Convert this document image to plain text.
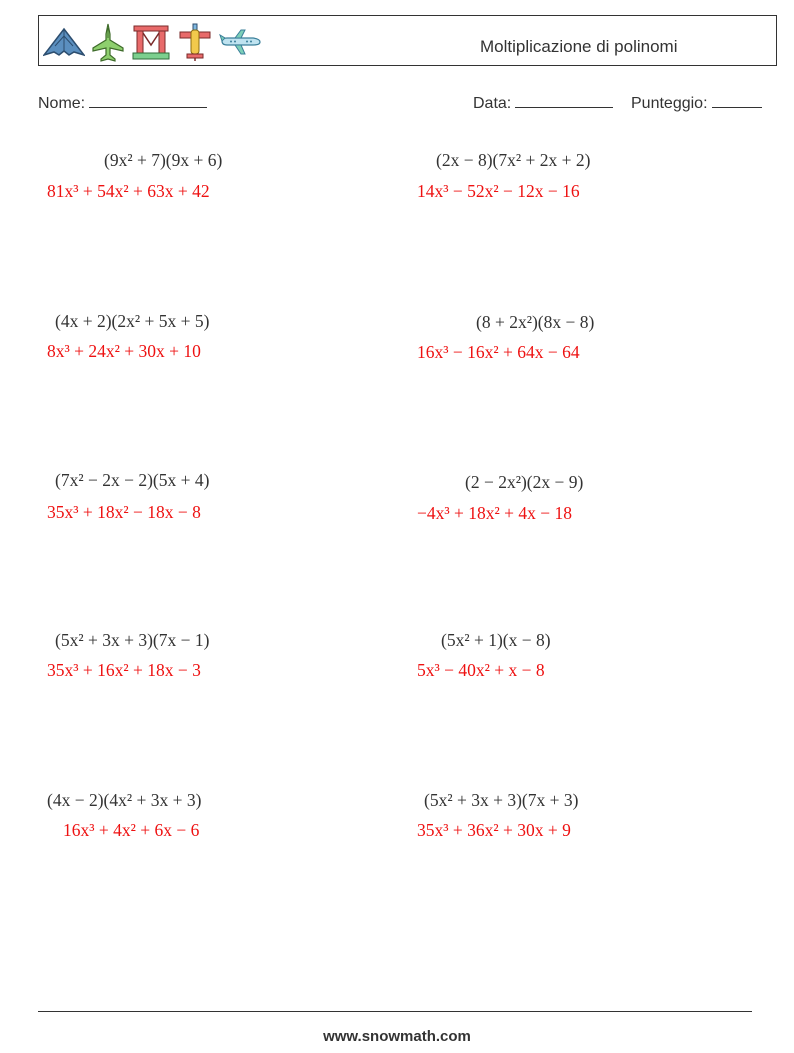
Moltiplicazione di polinomi
Nome:	Data:	Punteggio:
(9x² + 7)(9x + 6)
81x³ + 54x² + 63x + 42
(2x − 8)(7x² + 2x + 2)
14x³ − 52x² − 12x − 16
(4x + 2)(2x² + 5x + 5)
8x³ + 24x² + 30x + 10
(8 + 2x²)(8x − 8)
16x³ − 16x² + 64x − 64
(7x² − 2x − 2)(5x + 4)
35x³ + 18x² − 18x − 8
(2 − 2x²)(2x − 9)
−4x³ + 18x² + 4x − 18
(5x² + 3x + 3)(7x − 1)
35x³ + 16x² + 18x − 3
(5x² + 1)(x − 8)
5x³ − 40x² + x − 8
(4x − 2)(4x² + 3x + 3)
16x³ + 4x² + 6x − 6
(5x² + 3x + 3)(7x + 3)
35x³ + 36x² + 30x + 9
www.snowmath.com
